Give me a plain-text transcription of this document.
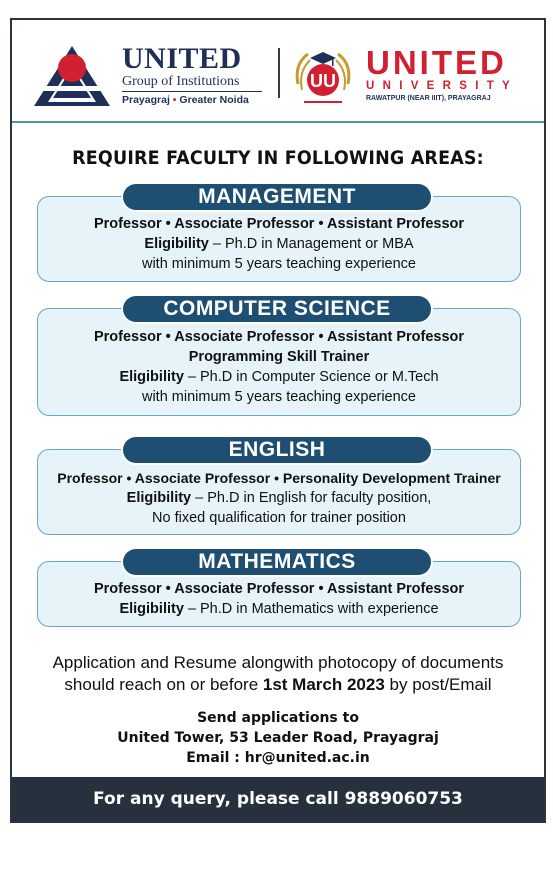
UNITED
Group of Institutions
Prayagraj • Greater Noida
UU UNITED
UNIVERSITY
RAWATPUR (NEAR IIIT), PRAYAGRAJ
REQUIRE FACULTY IN FOLLOWING AREAS:
Professor • Associate Professor • Assistant Professor
Eligibility – Ph.D in Management or MBA
with minimum 5 years teaching experience
MANAGEMENT
Professor • Associate Professor • Assistant Professor
Programming Skill Trainer
Eligibility – Ph.D in Computer Science or M.Tech
with minimum 5 years teaching experience
COMPUTER SCIENCE
Professor • Associate Professor • Personality Development Trainer
Eligibility – Ph.D in English for faculty position,
No fixed qualification for trainer position
ENGLISH
Professor • Associate Professor • Assistant Professor
Eligibility – Ph.D in Mathematics with experience
MATHEMATICS
Application and Resume alongwith photocopy of documents
should reach on or before 1st March 2023 by post/Email
Send applications to
United Tower, 53 Leader Road, Prayagraj
Email : hr@united.ac.in
For any query, please call 9889060753
